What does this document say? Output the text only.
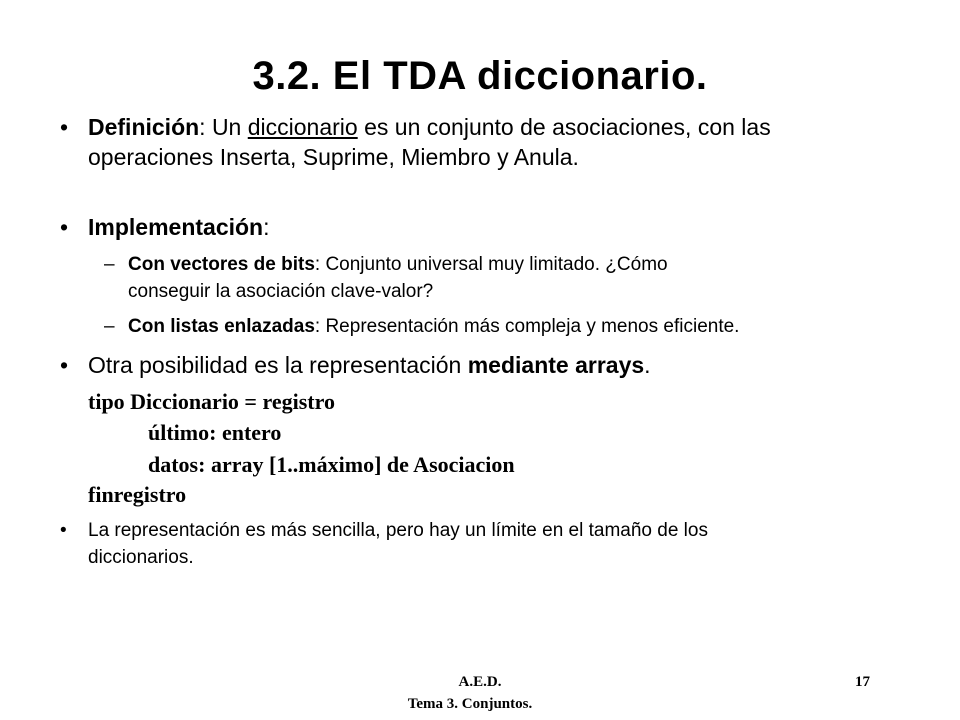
3.2. El TDA diccionario.
• Definición: Un diccionario es un conjunto de asociaciones, con las
operaciones Inserta, Suprime, Miembro y Anula.
• Implementación:
– Con vectores de bits: Conjunto universal muy limitado. ¿Cómo
conseguir la asociación clave-valor?
– Con listas enlazadas: Representación más compleja y menos eficiente.
• Otra posibilidad es la representación mediante arrays.
tipo Diccionario = registro
último: entero
datos: array [1..máximo] de Asociacion
finregistro
• La representación es más sencilla, pero hay un límite en el tamaño de los
diccionarios.
A.E.D.
Tema 3. Conjuntos.
17
